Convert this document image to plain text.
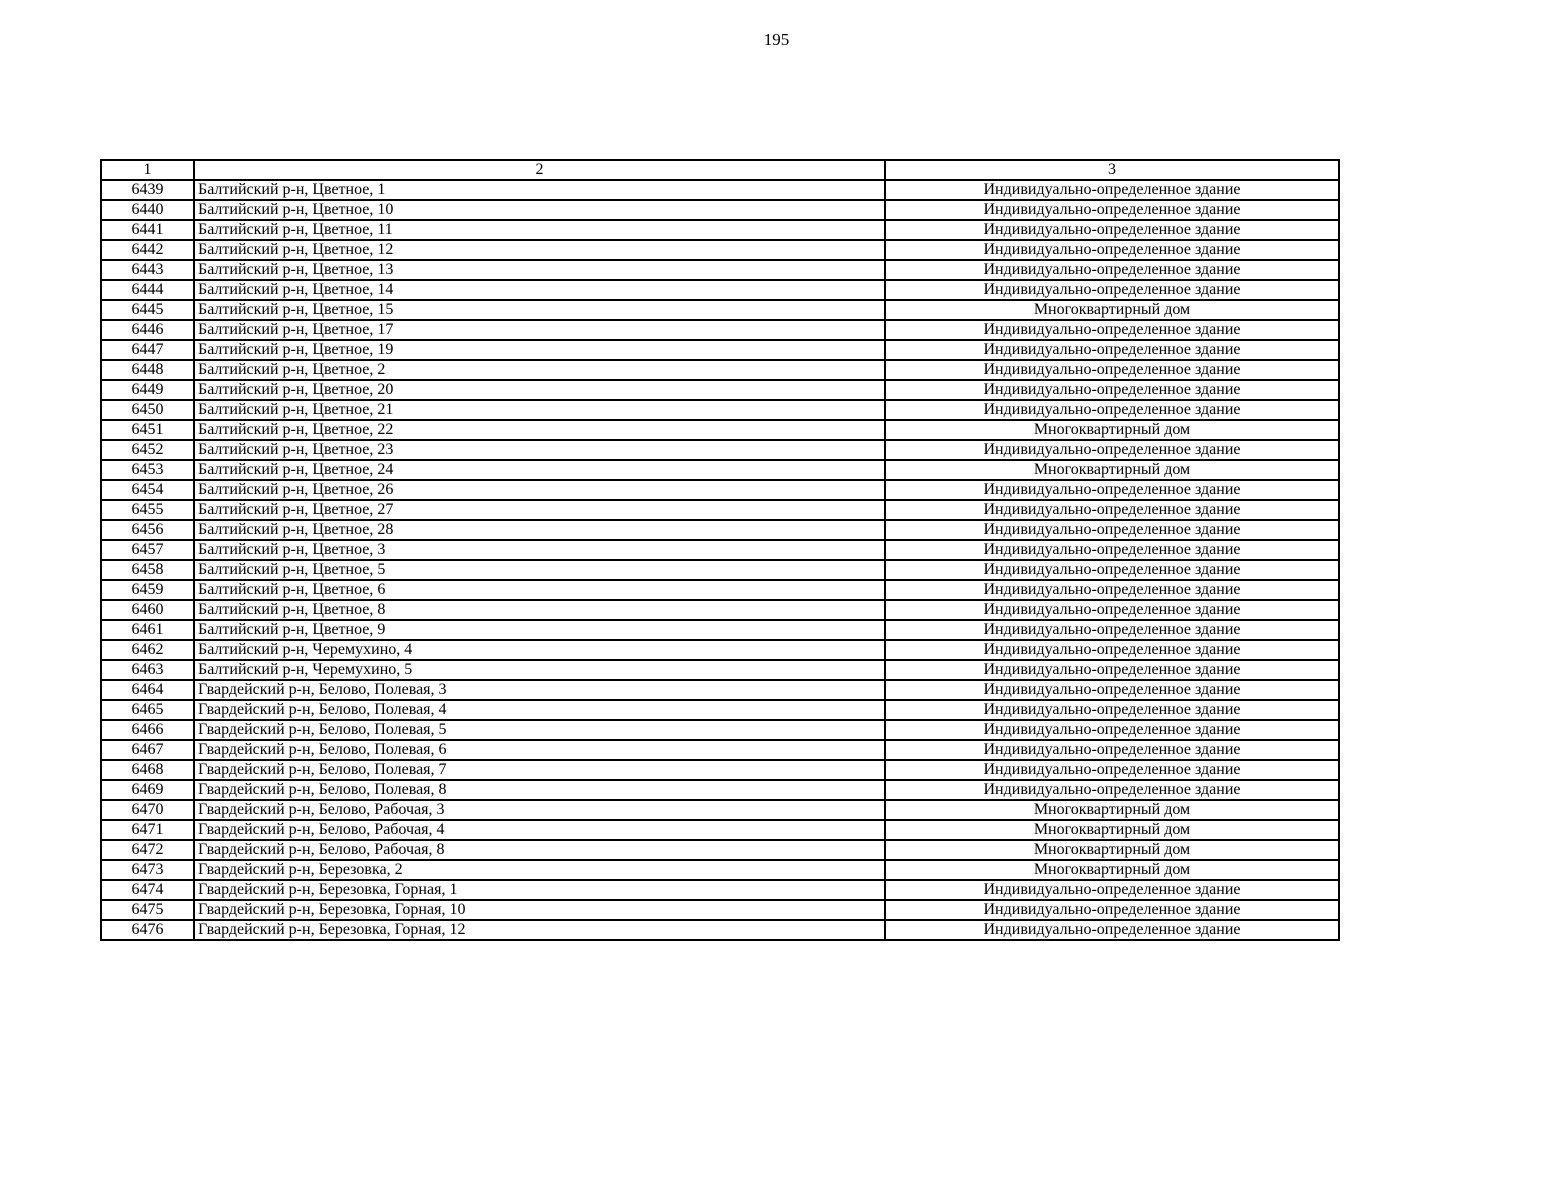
195
1	2	3
6439	Балтийский р-н, Цветное, 1	Индивидуально-определенное здание
6440	Балтийский р-н, Цветное, 10	Индивидуально-определенное здание
6441	Балтийский р-н, Цветное, 11	Индивидуально-определенное здание
6442	Балтийский р-н, Цветное, 12	Индивидуально-определенное здание
6443	Балтийский р-н, Цветное, 13	Индивидуально-определенное здание
6444	Балтийский р-н, Цветное, 14	Индивидуально-определенное здание
6445	Балтийский р-н, Цветное, 15	Многоквартирный дом
6446	Балтийский р-н, Цветное, 17	Индивидуально-определенное здание
6447	Балтийский р-н, Цветное, 19	Индивидуально-определенное здание
6448	Балтийский р-н, Цветное, 2	Индивидуально-определенное здание
6449	Балтийский р-н, Цветное, 20	Индивидуально-определенное здание
6450	Балтийский р-н, Цветное, 21	Индивидуально-определенное здание
6451	Балтийский р-н, Цветное, 22	Многоквартирный дом
6452	Балтийский р-н, Цветное, 23	Индивидуально-определенное здание
6453	Балтийский р-н, Цветное, 24	Многоквартирный дом
6454	Балтийский р-н, Цветное, 26	Индивидуально-определенное здание
6455	Балтийский р-н, Цветное, 27	Индивидуально-определенное здание
6456	Балтийский р-н, Цветное, 28	Индивидуально-определенное здание
6457	Балтийский р-н, Цветное, 3	Индивидуально-определенное здание
6458	Балтийский р-н, Цветное, 5	Индивидуально-определенное здание
6459	Балтийский р-н, Цветное, 6	Индивидуально-определенное здание
6460	Балтийский р-н, Цветное, 8	Индивидуально-определенное здание
6461	Балтийский р-н, Цветное, 9	Индивидуально-определенное здание
6462	Балтийский р-н, Черемухино, 4	Индивидуально-определенное здание
6463	Балтийский р-н, Черемухино, 5	Индивидуально-определенное здание
6464	Гвардейский р-н, Белово, Полевая, 3	Индивидуально-определенное здание
6465	Гвардейский р-н, Белово, Полевая, 4	Индивидуально-определенное здание
6466	Гвардейский р-н, Белово, Полевая, 5	Индивидуально-определенное здание
6467	Гвардейский р-н, Белово, Полевая, 6	Индивидуально-определенное здание
6468	Гвардейский р-н, Белово, Полевая, 7	Индивидуально-определенное здание
6469	Гвардейский р-н, Белово, Полевая, 8	Индивидуально-определенное здание
6470	Гвардейский р-н, Белово, Рабочая, 3	Многоквартирный дом
6471	Гвардейский р-н, Белово, Рабочая, 4	Многоквартирный дом
6472	Гвардейский р-н, Белово, Рабочая, 8	Многоквартирный дом
6473	Гвардейский р-н, Березовка, 2	Многоквартирный дом
6474	Гвардейский р-н, Березовка, Горная, 1	Индивидуально-определенное здание
6475	Гвардейский р-н, Березовка, Горная, 10	Индивидуально-определенное здание
6476	Гвардейский р-н, Березовка, Горная, 12	Индивидуально-определенное здание
